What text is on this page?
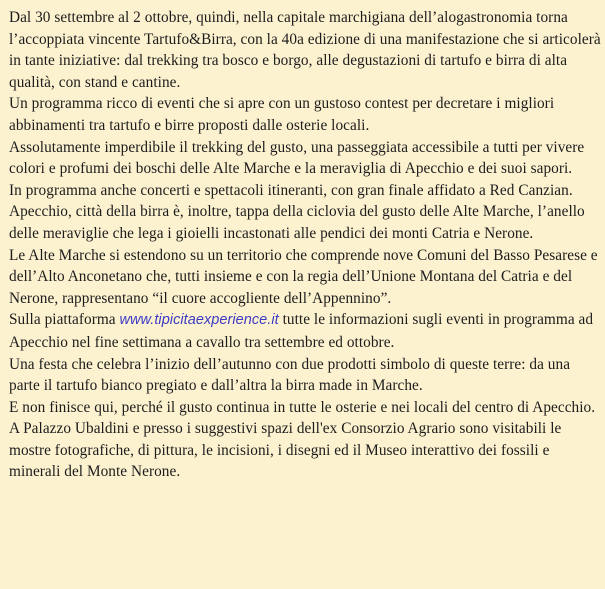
Dal 30 settembre al 2 ottobre, quindi, nella capitale marchigiana dell’alogastronomia torna l’accoppiata vincente Tartufo&Birra, con la 40a edizione di una manifestazione che si articolerà in tante iniziative: dal trekking tra bosco e borgo, alle degustazioni di tartufo e birra di alta qualità, con stand e cantine.

Un programma ricco di eventi che si apre con un gustoso contest per decretare i migliori abbinamenti tra tartufo e birre proposti dalle osterie locali.

Assolutamente imperdibile il trekking del gusto, una passeggiata accessibile a tutti per vivere colori e profumi dei boschi delle Alte Marche e la meraviglia di Apecchio e dei suoi sapori.

In programma anche concerti e spettacoli itineranti, con gran finale affidato a Red Canzian.

Apecchio, città della birra è, inoltre, tappa della ciclovia del gusto delle Alte Marche, l’anello delle meraviglie che lega i gioielli incastonati alle pendici dei monti Catria e Nerone.

Le Alte Marche si estendono su un territorio che comprende nove Comuni del Basso Pesarese e dell’Alto Anconetano che, tutti insieme e con la regia dell’Unione Montana del Catria e del Nerone, rappresentano “il cuore accogliente dell’Appennino”.

Sulla piattaforma www.tipicitaexperience.it tutte le informazioni sugli eventi in programma ad Apecchio nel fine settimana a cavallo tra settembre ed ottobre.

Una festa che celebra l’inizio dell’autunno con due prodotti simbolo di queste terre: da una parte il tartufo bianco pregiato e dall’altra la birra made in Marche.

E non finisce qui, perché il gusto continua in tutte le osterie e nei locali del centro di Apecchio.

A Palazzo Ubaldini e presso i suggestivi spazi dell'ex Consorzio Agrario sono visitabili le mostre fotografiche, di pittura, le incisioni, i disegni ed il Museo interattivo dei fossili e minerali del Monte Nerone.
